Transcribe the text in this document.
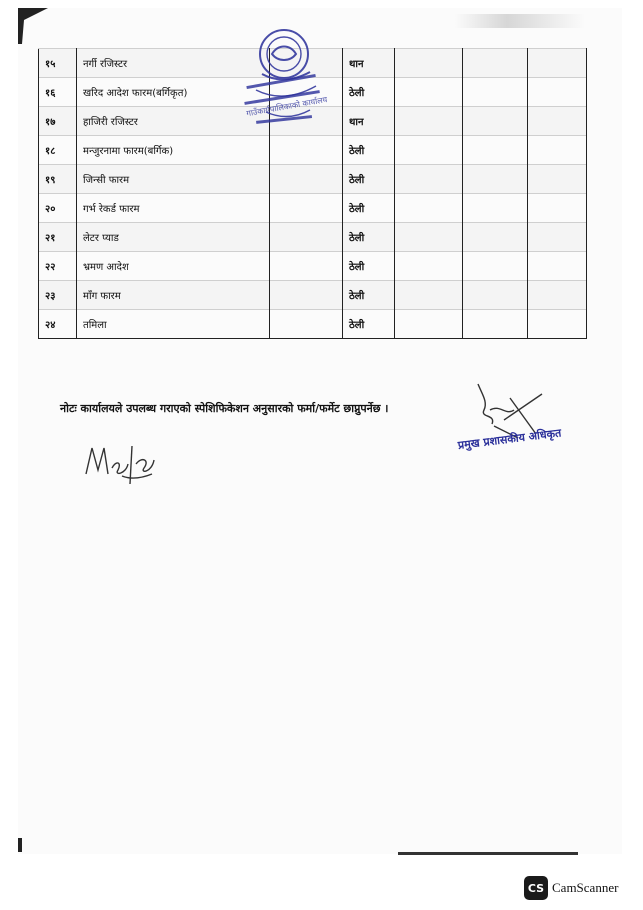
१५	नर्गी रजिस्टर		थान			
१६	खरिद आदेश फारम(बर्गिकृत)		ठेली			
१७	हाजिरी रजिस्टर		थान			
१८	मन्जुरनामा फारम(बर्गिक)		ठेली			
१९	जिन्सी फारम		ठेली			
२०	गर्भ रेकर्ड फारम		ठेली			
२१	लेटर प्याड		ठेली			
२२	भ्रमण आदेश		ठेली			
२३	माँग फारम		ठेली			
२४	तमिला		ठेली			
गाउँकार्यपालिकाको कार्यालय
नोटः कार्यालयले उपलब्ध गराएको स्पेशिफिकेशन अनुसारको फर्मा/फर्मेट छाप्नुपर्नेछ ।
प्रमुख प्रशासकीय अधिकृत
CS CamScanner
